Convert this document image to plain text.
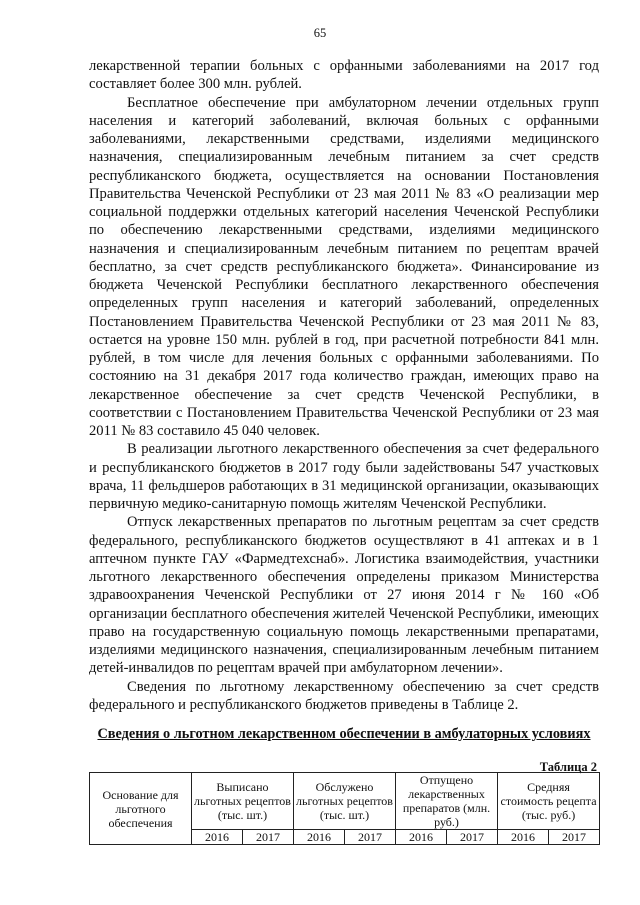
65

лекарственной терапии больных с орфанными заболеваниями на 2017 год составляет более 300 млн. рублей.

Бесплатное обеспечение при амбулаторном лечении отдельных групп населения и категорий заболеваний, включая больных с орфанными заболеваниями, лекарственными средствами, изделиями медицинского назначения, специализированным лечебным питанием за счет средств республиканского бюджета, осуществляется на основании Постановления Правительства Чеченской Республики от 23 мая 2011 № 83 «О реализации мер социальной поддержки отдельных категорий населения Чеченской Республики по обеспечению лекарственными средствами, изделиями медицинского назначения и специализированным лечебным питанием по рецептам врачей бесплатно, за счет средств республиканского бюджета». Финансирование из бюджета Чеченской Республики бесплатного лекарственного обеспечения определенных групп населения и категорий заболеваний, определенных Постановлением Правительства Чеченской Республики от 23 мая 2011 № 83, остается на уровне 150 млн. рублей в год, при расчетной потребности 841 млн. рублей, в том числе для лечения больных с орфанными заболеваниями. По состоянию на 31 декабря 2017 года количество граждан, имеющих право на лекарственное обеспечение за счет средств Чеченской Республики, в соответствии с Постановлением Правительства Чеченской Республики от 23 мая 2011 № 83 составило 45 040 человек.

В реализации льготного лекарственного обеспечения за счет федерального и республиканского бюджетов в 2017 году были задействованы 547 участковых врача, 11 фельдшеров работающих в 31 медицинской организации, оказывающих первичную медико-санитарную помощь жителям Чеченской Республики.

Отпуск лекарственных препаратов по льготным рецептам за счет средств федерального, республиканского бюджетов осуществляют в 41 аптеках и в 1 аптечном пункте ГАУ «Фармедтехснаб». Логистика взаимодействия, участники льготного лекарственного обеспечения определены приказом Министерства здравоохранения Чеченской Республики от 27 июня 2014 г № 160 «Об организации бесплатного обеспечения жителей Чеченской Республики, имеющих право на государственную социальную помощь лекарственными препаратами, изделиями медицинского назначения, специализированным лечебным питанием детей-инвалидов по рецептам врачей при амбулаторном лечении».

Сведения по льготному лекарственному обеспечению за счет средств федерального и республиканского бюджетов приведены в Таблице 2.

Сведения о льготном лекарственном обеспечении в амбулаторных условиях
Таблица 2
Основание для льготного обеспечения	Выписано льготных рецептов (тыс. шт.)		Обслужено льготных рецептов (тыс. шт.)		Отпущено лекарственных препаратов (млн. руб.)		Средняя стоимость рецепта (тыс. руб.)	
	2016	2017	2016	2017	2016	2017	2016	2017
